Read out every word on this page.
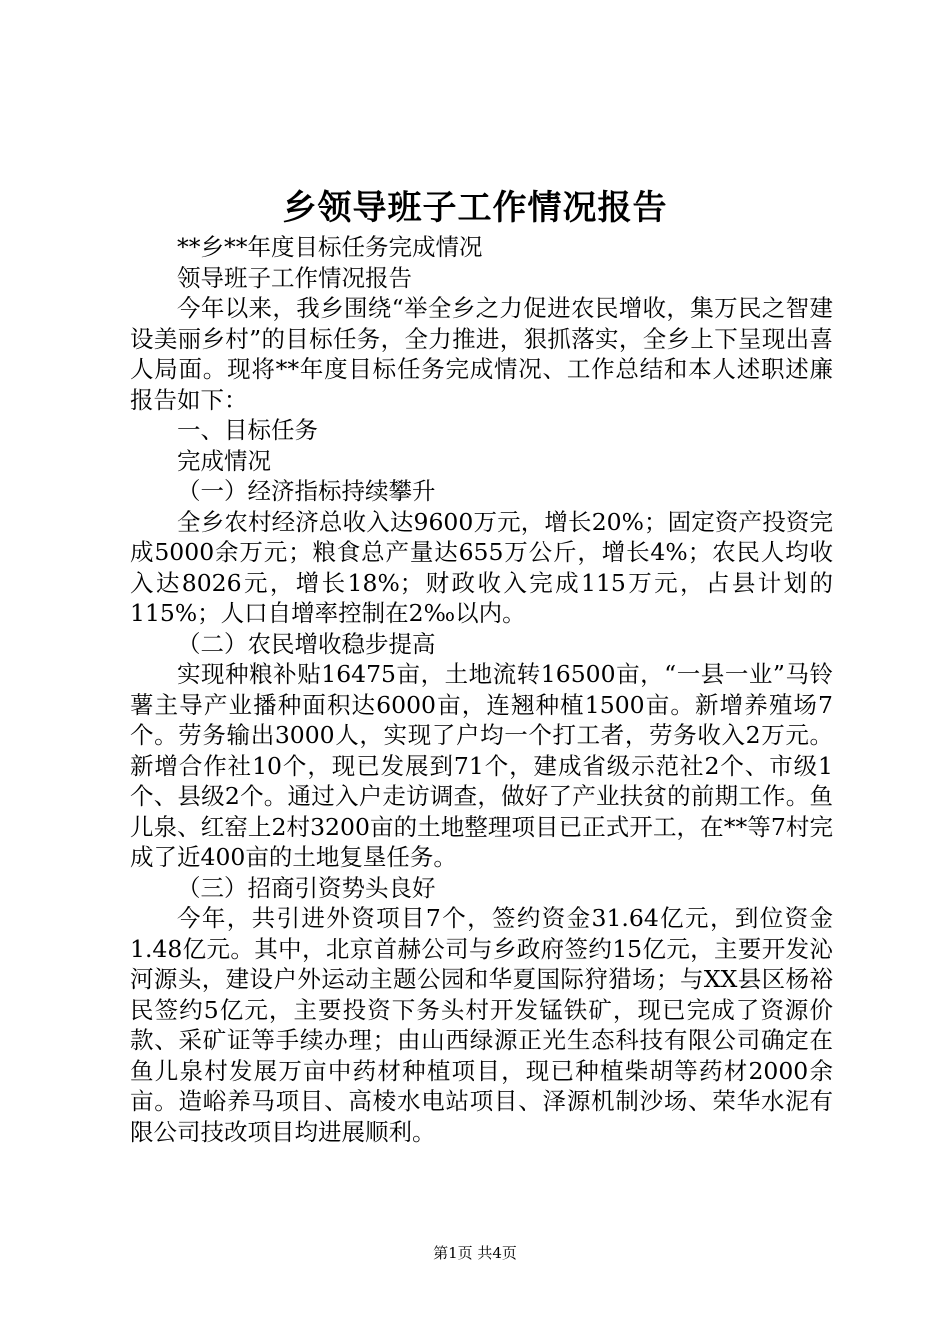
乡领导班子工作情况报告

**乡**年度目标任务完成情况

领导班子工作情况报告

今年以来，我乡围绕“举全乡之力促进农民增收，集万民之智建设美丽乡村”的目标任务，全力推进，狠抓落实，全乡上下呈现出喜人局面。现将**年度目标任务完成情况、工作总结和本人述职述廉报告如下：

一、目标任务

完成情况

（一）经济指标持续攀升

全乡农村经济总收入达9600万元，增长20%；固定资产投资完成5000余万元；粮食总产量达655万公斤，增长4%；农民人均收入达8026元，增长18%；财政收入完成115万元，占县计划的115%；人口自增率控制在2‰以内。

（二）农民增收稳步提高

实现种粮补贴16475亩，土地流转16500亩，“一县一业”马铃薯主导产业播种面积达6000亩，连翘种植1500亩。新增养殖场7个。劳务输出3000人，实现了户均一个打工者，劳务收入2万元。新增合作社10个，现已发展到71个，建成省级示范社2个、市级1个、县级2个。通过入户走访调查，做好了产业扶贫的前期工作。鱼儿泉、红窑上2村3200亩的土地整理项目已正式开工，在**等7村完成了近400亩的土地复垦任务。

（三）招商引资势头良好

今年，共引进外资项目7个，签约资金31.64亿元，到位资金1.48亿元。其中，北京首赫公司与乡政府签约15亿元，主要开发沁河源头，建设户外运动主题公园和华夏国际狩猎场；与XX县区杨裕民签约5亿元，主要投资下务头村开发锰铁矿，现已完成了资源价款、采矿证等手续办理；由山西绿源正光生态科技有限公司确定在鱼儿泉村发展万亩中药材种植项目，现已种植柴胡等药材2000余亩。造峪养马项目、高棱水电站项目、泽源机制沙场、荣华水泥有限公司技改项目均进展顺利。

第1页 共4页
